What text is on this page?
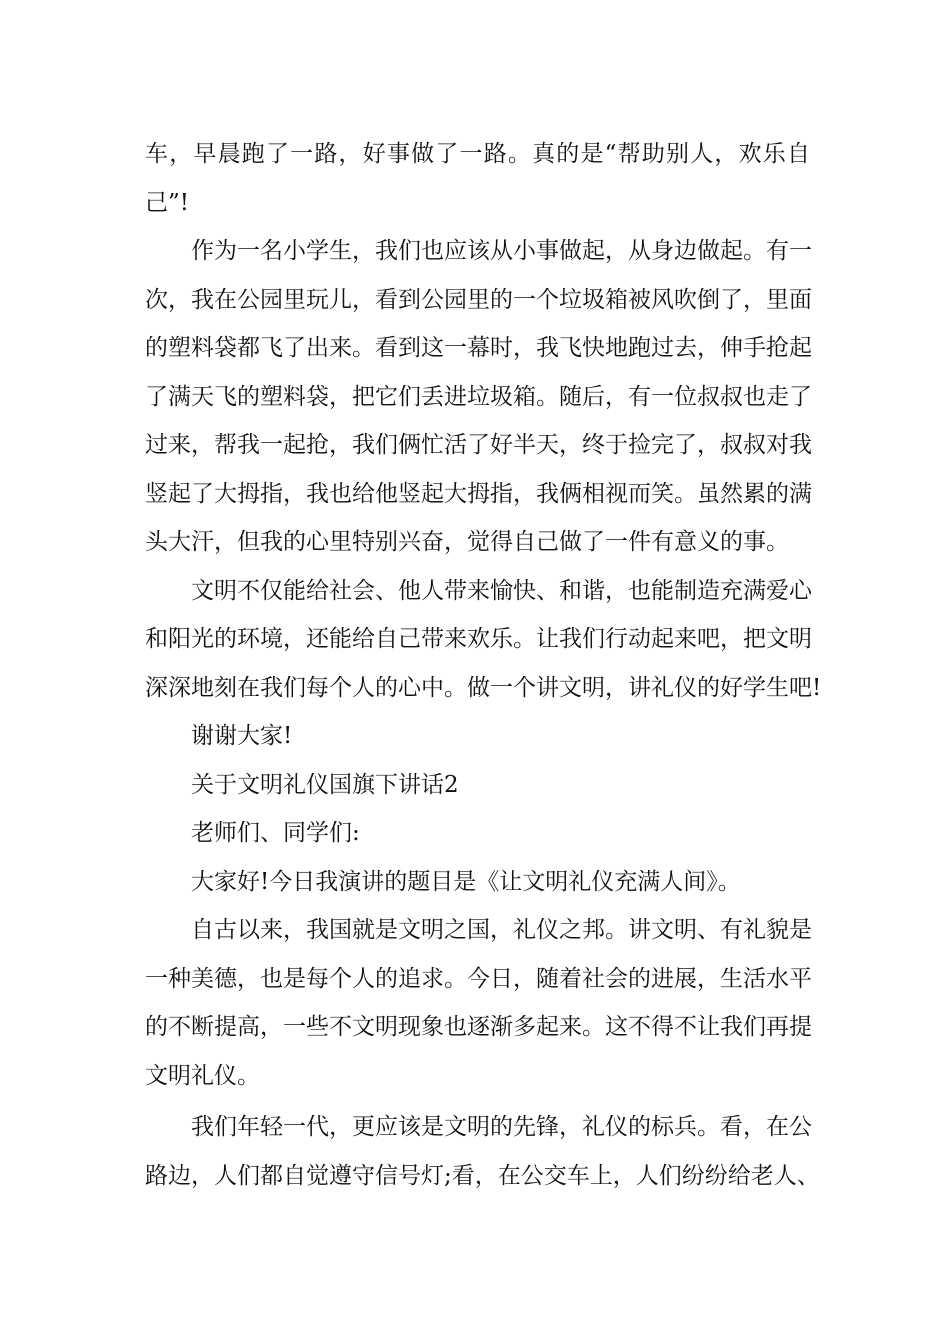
车，早晨跑了一路，好事做了一路。真的是“帮助别人，欢乐自
己”!
作为一名小学生，我们也应该从小事做起，从身边做起。有一
次，我在公园里玩儿，看到公园里的一个垃圾箱被风吹倒了，里面
的塑料袋都飞了出来。看到这一幕时，我飞快地跑过去，伸手抢起
了满天飞的塑料袋，把它们丢进垃圾箱。随后，有一位叔叔也走了
过来，帮我一起抢，我们俩忙活了好半天，终于捡完了，叔叔对我
竖起了大拇指，我也给他竖起大拇指，我俩相视而笑。虽然累的满
头大汗，但我的心里特别兴奋，觉得自己做了一件有意义的事。
文明不仅能给社会、他人带来愉快、和谐，也能制造充满爱心
和阳光的环境，还能给自己带来欢乐。让我们行动起来吧，把文明
深深地刻在我们每个人的心中。做一个讲文明，讲礼仪的好学生吧!
谢谢大家!
关于文明礼仪国旗下讲话2
老师们、同学们:
大家好!今日我演讲的题目是《让文明礼仪充满人间》。
自古以来，我国就是文明之国，礼仪之邦。讲文明、有礼貌是
一种美德，也是每个人的追求。今日，随着社会的进展，生活水平
的不断提高，一些不文明现象也逐渐多起来。这不得不让我们再提
文明礼仪。
我们年轻一代，更应该是文明的先锋，礼仪的标兵。看，在公
路边，人们都自觉遵守信号灯;看，在公交车上，人们纷纷给老人、
